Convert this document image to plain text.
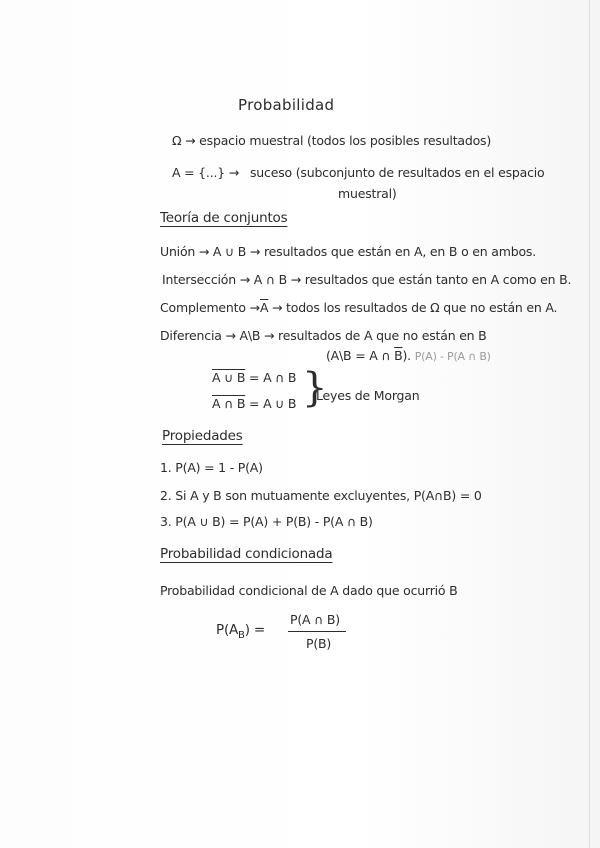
Probabilidad
Ω → espacio muestral (todos los posibles resultados)
A = {...} → suceso (subconjunto de resultados en el espacio
muestral)
Teoría de conjuntos
Unión → A ∪ B → resultados que están en A, en B o en ambos.
Intersección → A ∩ B → resultados que están tanto en A como en B.
Complemento → $\overline{A}$ → todos los resultados de Ω que no están en A.
Diferencia → A\B → resultados de A que no están en B
(A\B = A ∩ $\overline{B}$). P(A) - P(A ∩ B)
A ∪ B = A ∩ B
A ∩ B = A ∪ B }
Leyes de Morgan
Propiedades
1. P(A) = 1 - P(A)
2. Si A y B son mutuamente excluyentes, P(A∩B) = 0
3. P(A ∪ B) = P(A) + P(B) - P(A ∩ B)
Probabilidad condicionada
Probabilidad condicional de A dado que ocurrió B
$P(A_B)$ =
P(A ∩ B)
P(B)
